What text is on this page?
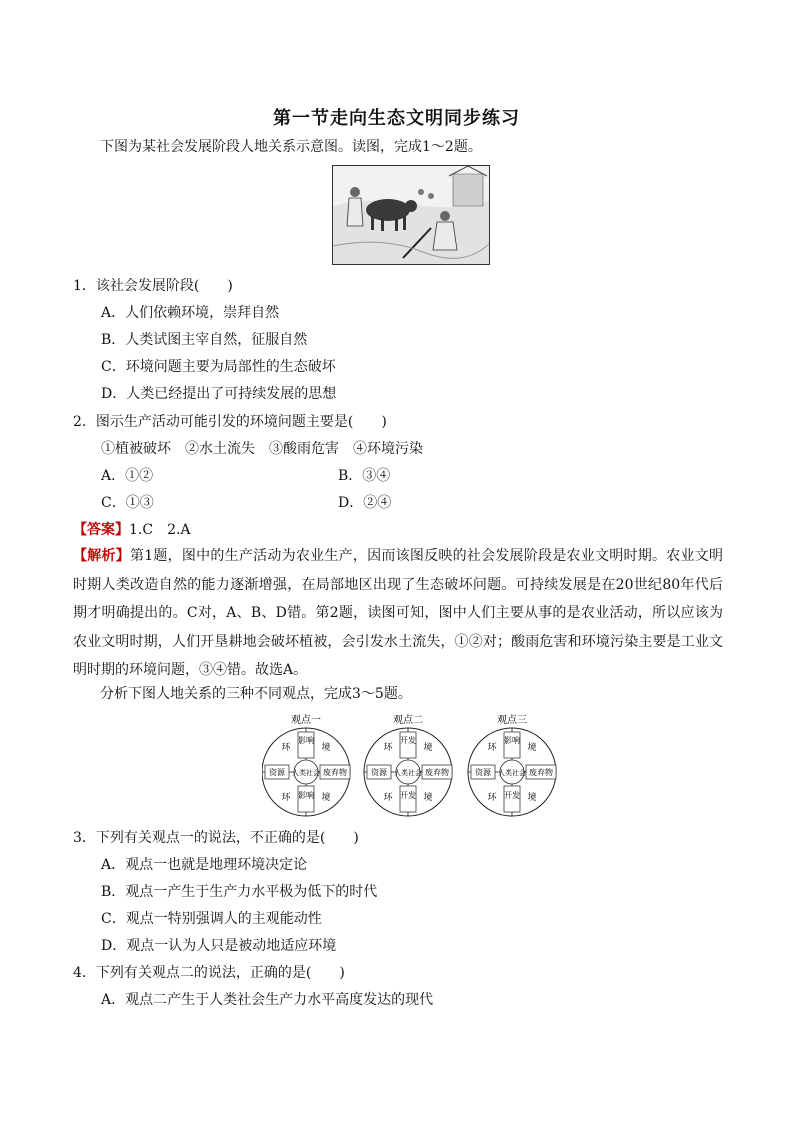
第一节走向生态文明同步练习
下图为某社会发展阶段人地关系示意图。读图，完成1～2题。
1．该社会发展阶段(　　)
A．人们依赖环境，崇拜自然
B．人类试图主宰自然，征服自然
C．环境问题主要为局部性的生态破坏
D．人类已经提出了可持续发展的思想
2．图示生产活动可能引发的环境问题主要是(　　)
①植被破坏　②水土流失　③酸雨危害　④环境污染
A．①②	B．③④
C．①③	D．②④
【答案】1.C　2.A
【解析】第1题，图中的生产活动为农业生产，因而该图反映的社会发展阶段是农业文明时期。农业文明时期人类改造自然的能力逐渐增强，在局部地区出现了生态破坏问题。可持续发展是在20世纪80年代后期才明确提出的。C对，A、B、D错。第2题，读图可知，图中人们主要从事的是农业活动，所以应该为农业文明时期，人们开垦耕地会破坏植被，会引发水土流失，①②对；酸雨危害和环境污染主要是工业文明时期的环境问题，③④错。故选A。
分析下图人地关系的三种不同观点，完成3～5题。
观点一
影响
影响
资源	废弃物
人类社会
环	境
环	境
观点二
开发
开发
资源	废弃物
人类社会
环	境
环	境
观点三
影响
开发
资源	废弃物
人类社会
环	境
环	境
3．下列有关观点一的说法，不正确的是(　　)
A．观点一也就是地理环境决定论
B．观点一产生于生产力水平极为低下的时代
C．观点一特别强调人的主观能动性
D．观点一认为人只是被动地适应环境
4．下列有关观点二的说法，正确的是(　　)
A．观点二产生于人类社会生产力水平高度发达的现代
